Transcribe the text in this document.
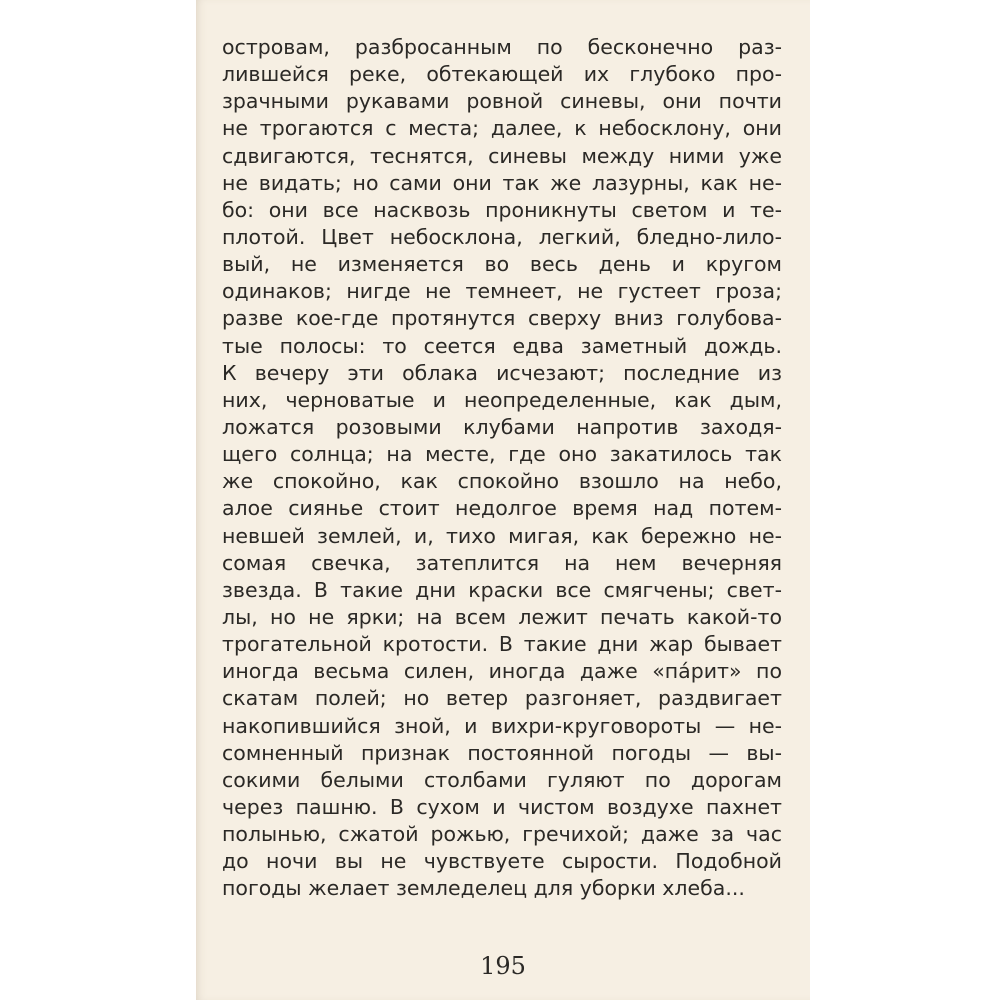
островам, разбросанным по бесконечно раз-
лившейся реке, обтекающей их глубоко про-
зрачными рукавами ровной синевы, они почти
не трогаются с места; далее, к небосклону, они
сдвигаются, теснятся, синевы между ними уже
не видать; но сами они так же лазурны, как не-
бо: они все насквозь проникнуты светом и те-
плотой. Цвет небосклона, легкий, бледно-лило-
вый, не изменяется во весь день и кругом
одинаков; нигде не темнеет, не густеет гроза;
разве кое-где протянутся сверху вниз голубова-
тые полосы: то сеется едва заметный дождь.
К вечеру эти облака исчезают; последние из
них, черноватые и неопределенные, как дым,
ложатся розовыми клубами напротив заходя-
щего солнца; на месте, где оно закатилось так
же спокойно, как спокойно взошло на небо,
алое сиянье стоит недолгое время над потем-
невшей землей, и, тихо мигая, как бережно не-
сомая свечка, затеплится на нем вечерняя
звезда. В такие дни краски все смягчены; свет-
лы, но не ярки; на всем лежит печать какой-то
трогательной кротости. В такие дни жар бывает
иногда весьма силен, иногда даже «па́рит» по
скатам полей; но ветер разгоняет, раздвигает
накопившийся зной, и вихри-круговороты — не-
сомненный признак постоянной погоды — вы-
сокими белыми столбами гуляют по дорогам
через пашню. В сухом и чистом воздухе пахнет
полынью, сжатой рожью, гречихой; даже за час
до ночи вы не чувствуете сырости. Подобной
погоды желает земледелец для уборки хлеба...

195
